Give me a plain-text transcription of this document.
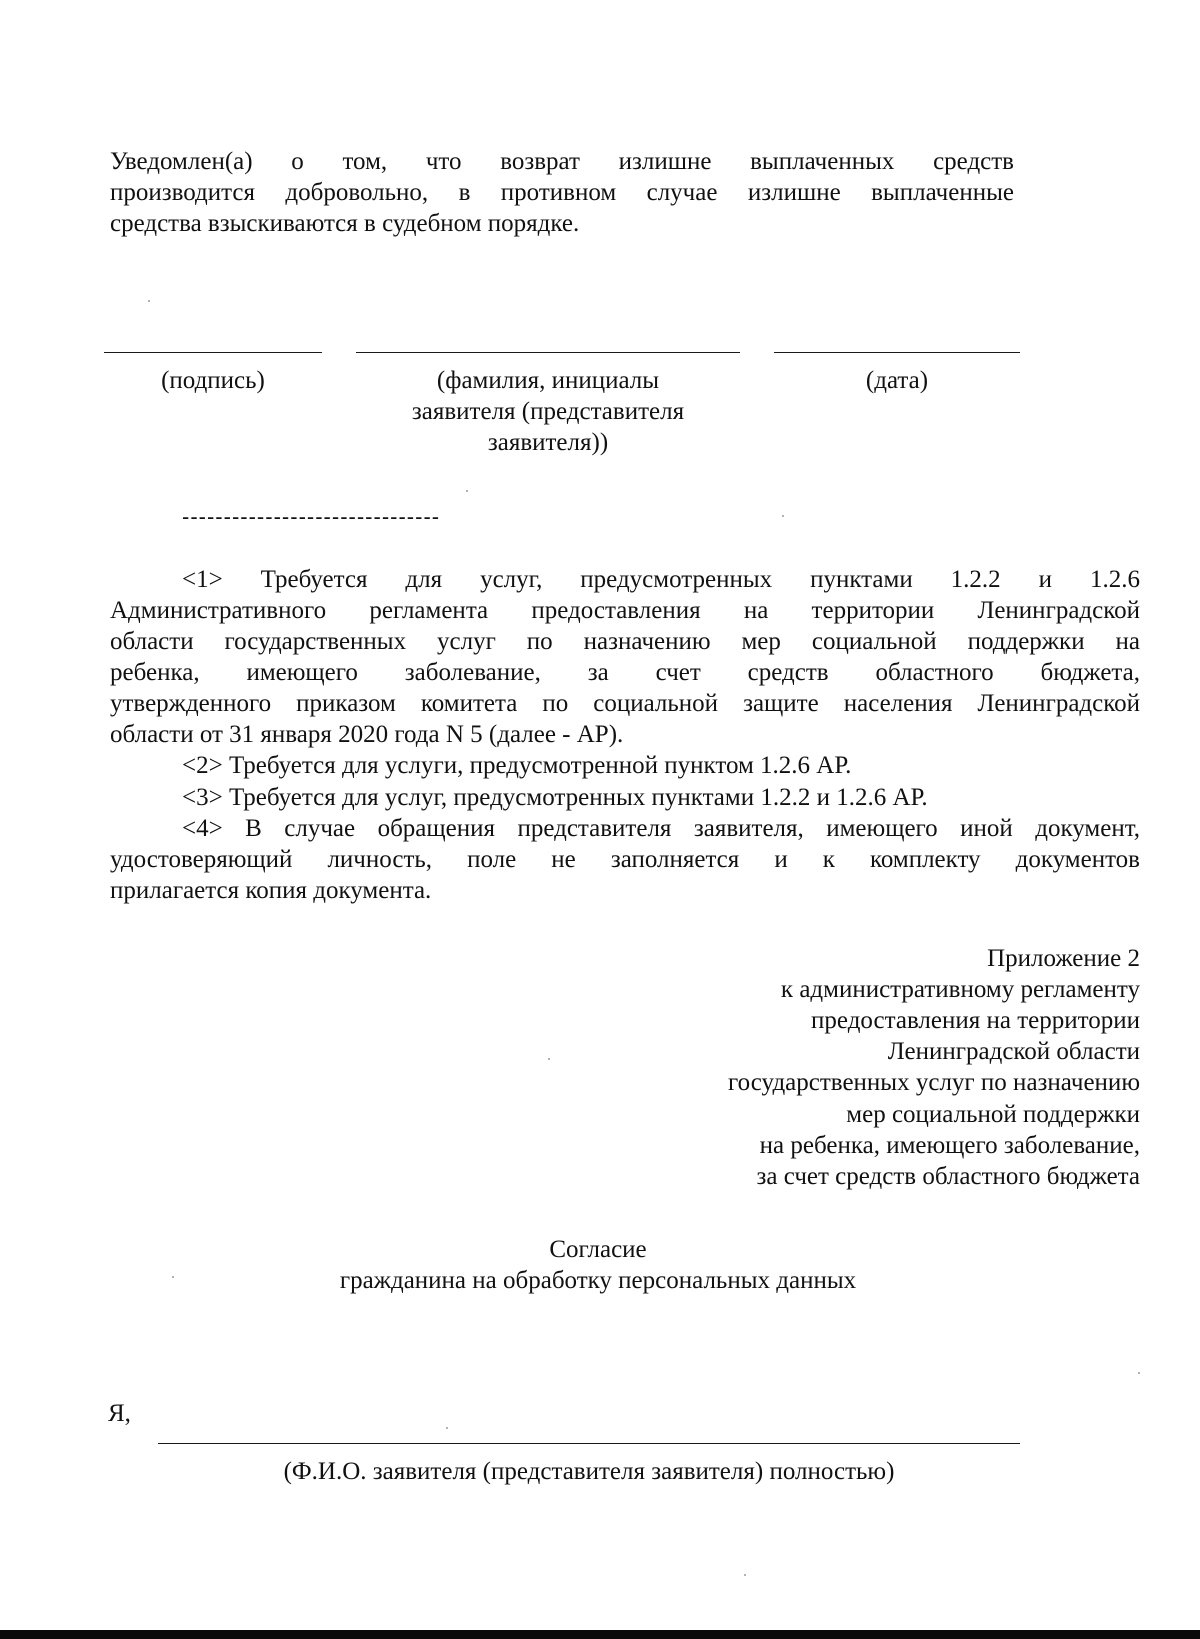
Уведомлен(а) о том, что возврат излишне выплаченных средств

производится добровольно, в противном случае излишне выплаченные

средства взыскиваются в судебном порядке.

(подпись)	(фамилия, инициалы

заявителя (представителя

заявителя))

(дата)

-------------------------------

<1> Требуется для услуг, предусмотренных пунктами 1.2.2 и 1.2.6

Административного регламента предоставления на территории Ленинградской

области государственных услуг по назначению мер социальной поддержки на

ребенка, имеющего заболевание, за счет средств областного бюджета,

утвержденного приказом комитета по социальной защите населения Ленинградской

области от 31 января 2020 года N 5 (далее - АР).

<2> Требуется для услуги, предусмотренной пунктом 1.2.6 АР.

<3> Требуется для услуг, предусмотренных пунктами 1.2.2 и 1.2.6 АР.

<4> В случае обращения представителя заявителя, имеющего иной документ,

удостоверяющий личность, поле не заполняется и к комплекту документов

прилагается копия документа.

Приложение 2

к административному регламенту

предоставления на территории

Ленинградской области

государственных услуг по назначению

мер социальной поддержки

на ребенка, имеющего заболевание,

за счет средств областного бюджета

Согласие

гражданина на обработку персональных данных

Я,

(Ф.И.О. заявителя (представителя заявителя) полностью)
